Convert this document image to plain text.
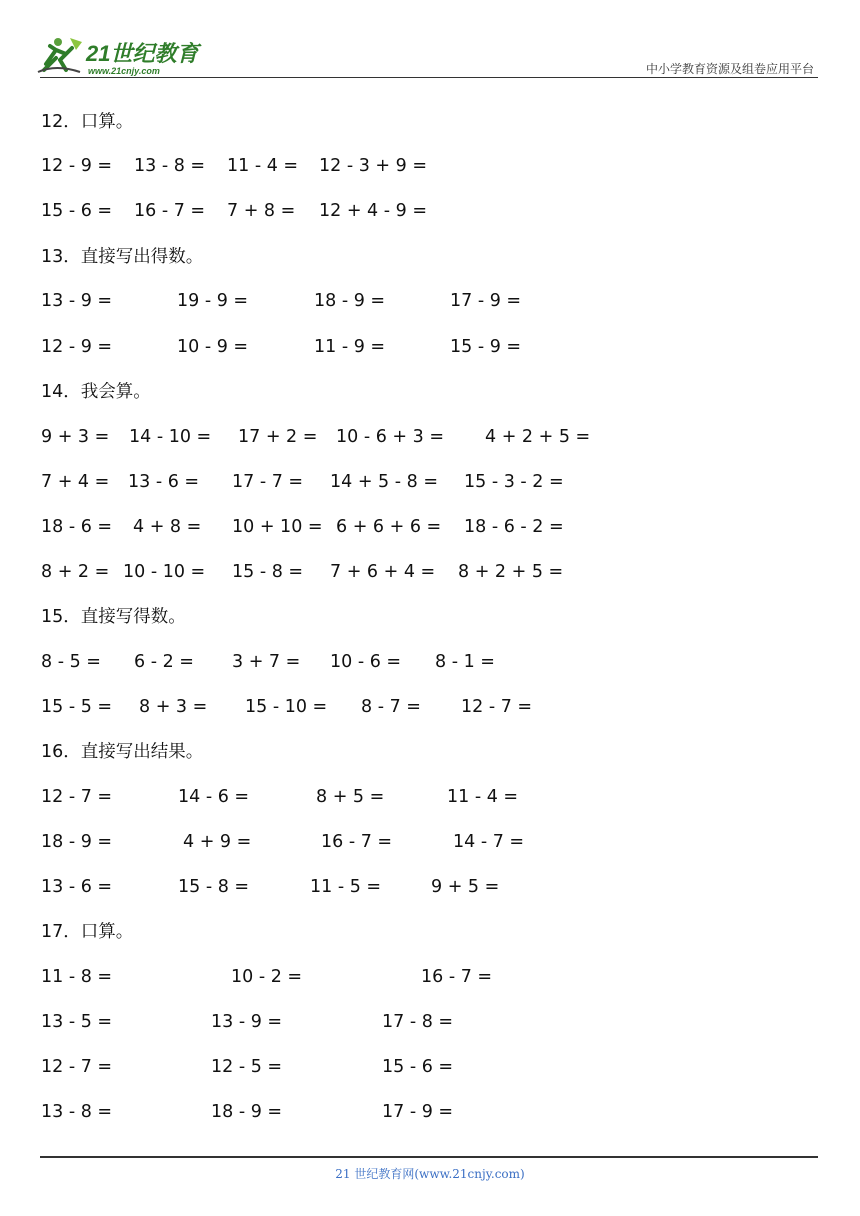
21世纪教育
www.21cnjy.com	中小学教育资源及组卷应用平台
12．口算。
12 - 9 = 13 - 8 = 11 - 4 = 12 - 3 + 9 =
15 - 6 = 16 - 7 = 7 + 8 = 12 + 4 - 9 =
13．直接写出得数。
13 - 9 =	19 - 9 =	18 - 9 =	17 - 9 =
12 - 9 =	10 - 9 =	11 - 9 =	15 - 9 =
14．我会算。
9 + 3 = 14 - 10 = 17 + 2 = 10 - 6 + 3 = 4 + 2 + 5 =
7 + 4 = 13 - 6 = 17 - 7 = 14 + 5 - 8 = 15 - 3 - 2 =
18 - 6 = 4 + 8 = 10 + 10 = 6 + 6 + 6 = 18 - 6 - 2 =
8 + 2 = 10 - 10 = 15 - 8 = 7 + 6 + 4 = 8 + 2 + 5 =
15．直接写得数。
8 - 5 = 6 - 2 = 3 + 7 = 10 - 6 = 8 - 1 =
15 - 5 = 8 + 3 = 15 - 10 = 8 - 7 = 12 - 7 =
16．直接写出结果。
12 - 7 =	14 - 6 =	8 + 5 =	11 - 4 =
18 - 9 =	4 + 9 =	16 - 7 =	14 - 7 =
13 - 6 =	15 - 8 =	11 - 5 =	9 + 5 =
17．口算。
11 - 8 =	10 - 2 =	16 - 7 =
13 - 5 =	13 - 9 =	17 - 8 =
12 - 7 =	12 - 5 =	15 - 6 =
13 - 8 =	18 - 9 =	17 - 9 =
21 世纪教育网(www.21cnjy.com)
